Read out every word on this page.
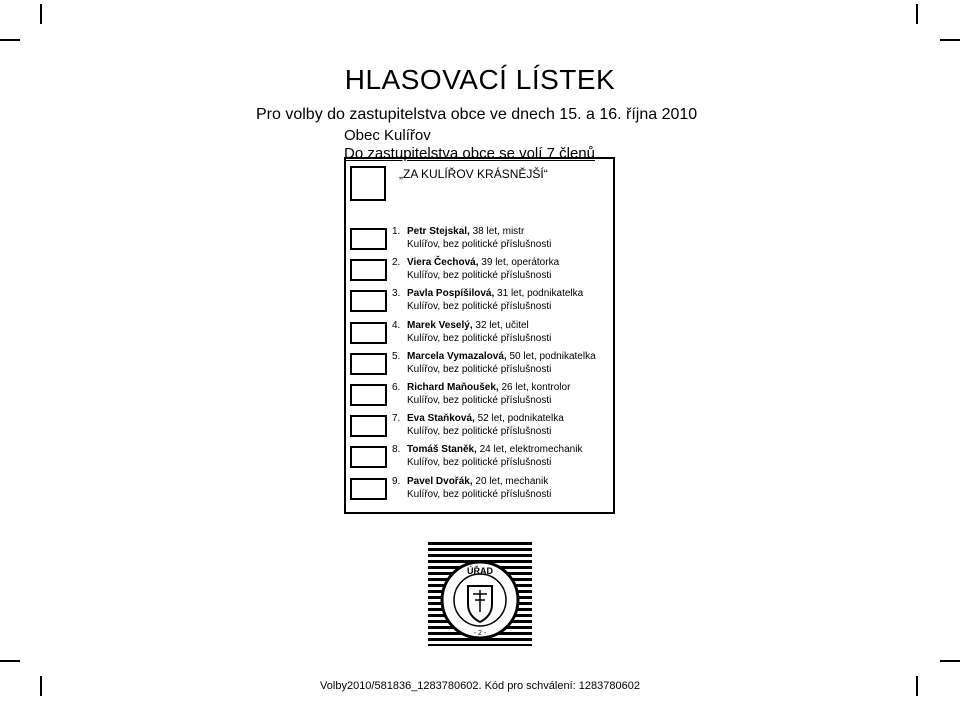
HLASOVACÍ LÍSTEK
Pro volby do zastupitelstva obce ve dnech 15. a 16. října 2010
Obec Kulířov
Do zastupitelstva obce se volí 7 členů
„ZA KULÍŘOV KRÁSNĚJŠÍ“
1. Petr Stejskal, 38 let, mistr
Kulířov, bez politické příslušnosti
2. Viera Čechová, 39 let, operátorka
Kulířov, bez politické příslušnosti
3. Pavla Pospíšilová, 31 let, podnikatelka
Kulířov, bez politické příslušnosti
4. Marek Veselý, 32 let, učitel
Kulířov, bez politické příslušnosti
5. Marcela Vymazalová, 50 let, podnikatelka
Kulířov, bez politické příslušnosti
6. Richard Maňoušek, 26 let, kontrolor
Kulířov, bez politické příslušnosti
7. Eva Staňková, 52 let, podnikatelka
Kulířov, bez politické příslušnosti
8. Tomáš Staněk, 24 let, elektromechanik
Kulířov, bez politické příslušnosti
9. Pavel Dvořák, 20 let, mechanik
Kulířov, bez politické příslušnosti
ÚŘAD
- 2 -
Volby2010/581836_1283780602. Kód pro schválení: 1283780602
